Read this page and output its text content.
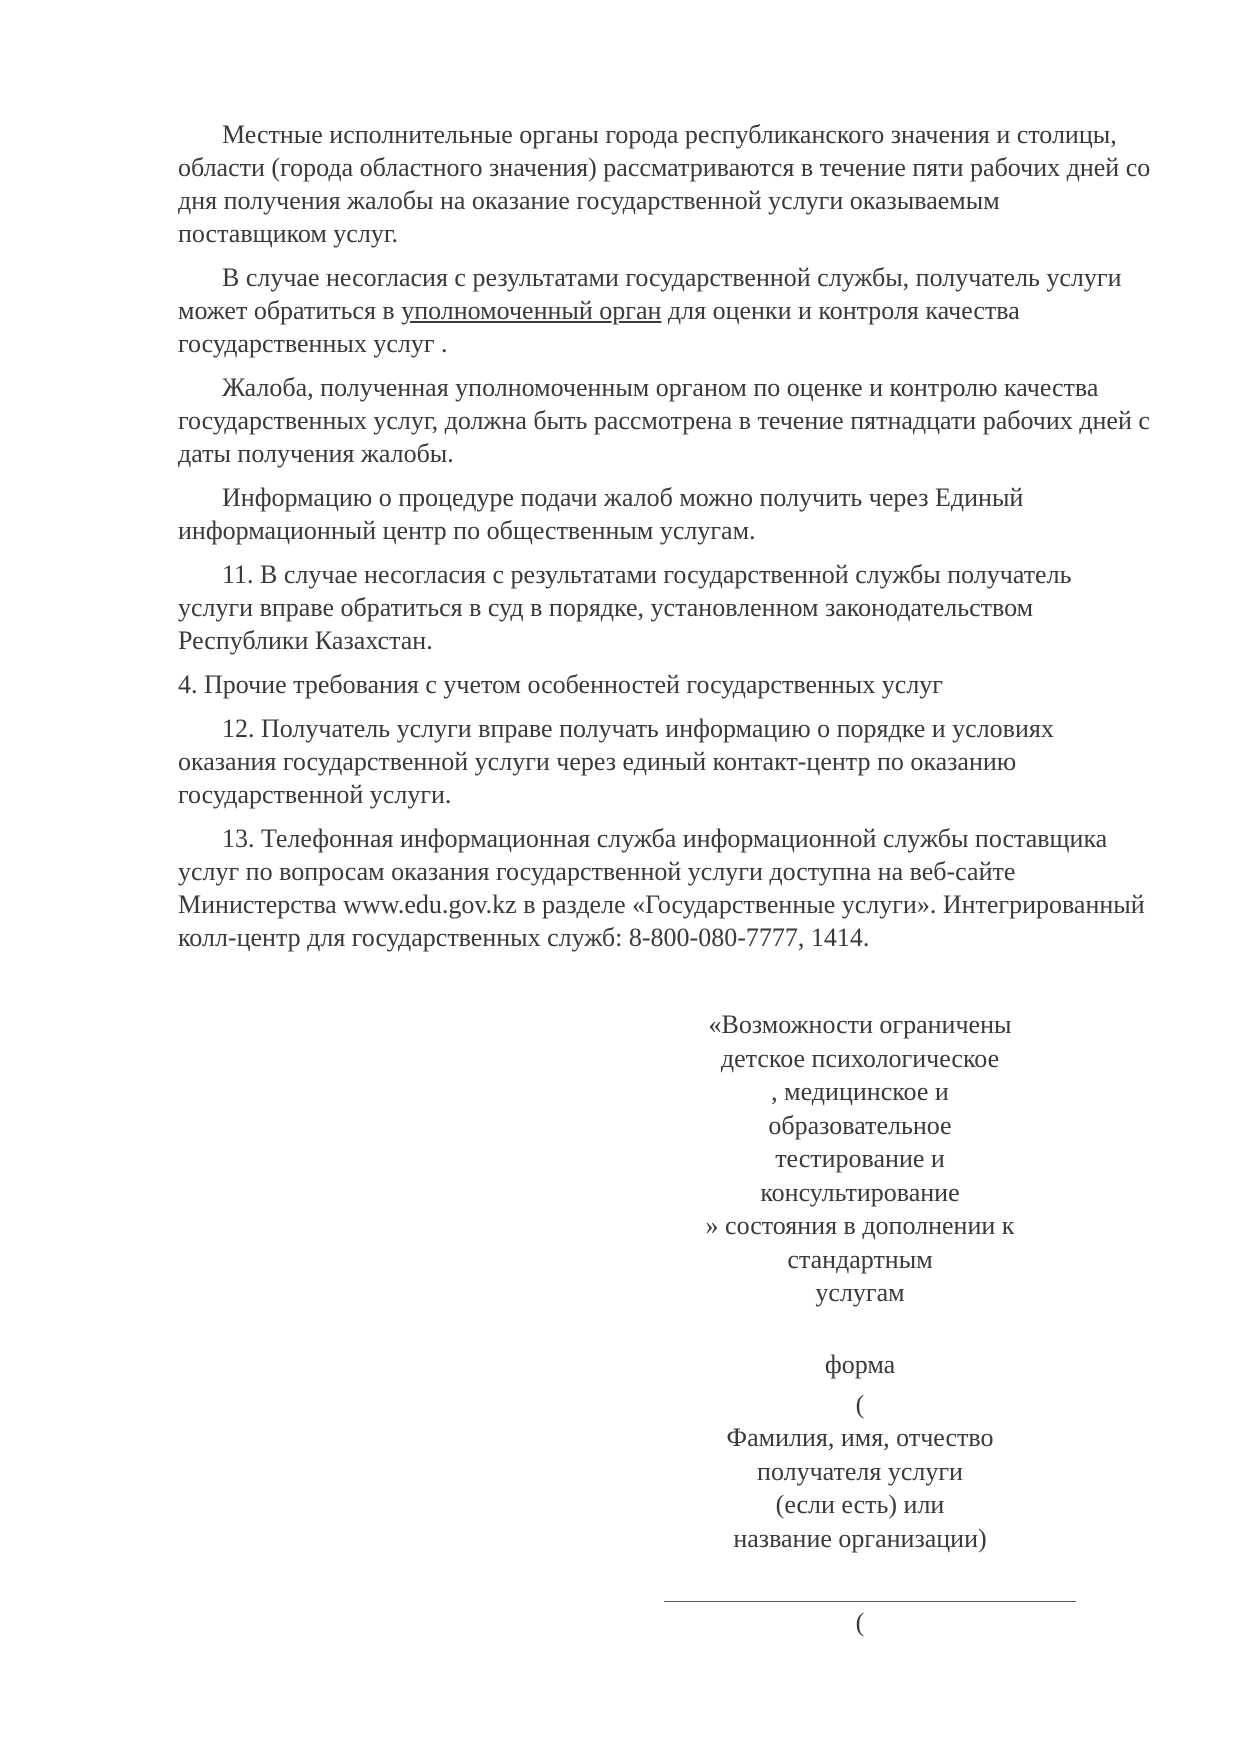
Местные исполнительные органы города республиканского значения и столицы, области (города областного значения) рассматриваются в течение пяти рабочих дней со дня получения жалобы на оказание государственной услуги оказываемым поставщиком услуг.

В случае несогласия с результатами государственной службы, получатель услуги может обратиться в уполномоченный орган для оценки и контроля качества государственных услуг .

Жалоба, полученная уполномоченным органом по оценке и контролю качества государственных услуг, должна быть рассмотрена в течение пятнадцати рабочих дней с даты получения жалобы.

Информацию о процедуре подачи жалоб можно получить через Единый информационный центр по общественным услугам.

11. В случае несогласия с результатами государственной службы получатель услуги вправе обратиться в суд в порядке, установленном законодательством Республики Казахстан.

4. Прочие требования с учетом особенностей государственных услуг

12. Получатель услуги вправе получать информацию о порядке и условиях оказания государственной услуги через единый контакт-центр по оказанию государственной услуги.

13. Телефонная информационная служба информационной службы поставщика услуг по вопросам оказания государственной услуги доступна на веб-сайте Министерства www.edu.gov.kz в разделе «Государственные услуги». Интегрированный колл-центр для государственных служб: 8-800-080-7777, 1414.

«Возможности ограничены
детское психологическое
, медицинское и
образовательное
тестирование и
консультирование
» состояния в дополнении к
стандартным
услугам
форма
(
Фамилия, имя, отчество
получателя услуги
(если есть) или
название организации)
(
